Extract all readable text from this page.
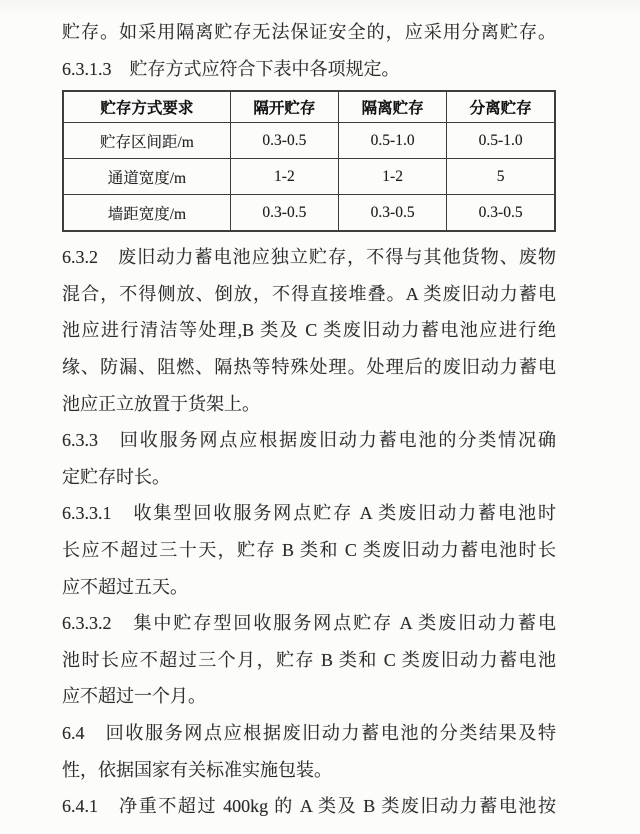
贮存。如采用隔离贮存无法保证安全的，应采用分离贮存。

6.3.1.3　贮存方式应符合下表中各项规定。

贮存方式要求	隔开贮存	隔离贮存	分离贮存
贮存区间距/m	0.3-0.5	0.5-1.0	0.5-1.0
通道宽度/m	1-2	1-2	5
墙距宽度/m	0.3-0.5	0.3-0.5	0.3-0.5

6.3.2　废旧动力蓄电池应独立贮存，不得与其他货物、废物

混合，不得侧放、倒放，不得直接堆叠。A 类废旧动力蓄电

池应进行清洁等处理,B 类及 C 类废旧动力蓄电池应进行绝

缘、防漏、阻燃、隔热等特殊处理。处理后的废旧动力蓄电

池应正立放置于货架上。

6.3.3　回收服务网点应根据废旧动力蓄电池的分类情况确

定贮存时长。

6.3.3.1　收集型回收服务网点贮存 A 类废旧动力蓄电池时

长应不超过三十天，贮存 B 类和 C 类废旧动力蓄电池时长

应不超过五天。

6.3.3.2　集中贮存型回收服务网点贮存 A 类废旧动力蓄电

池时长应不超过三个月，贮存 B 类和 C 类废旧动力蓄电池

应不超过一个月。

6.4　回收服务网点应根据废旧动力蓄电池的分类结果及特

性，依据国家有关标准实施包装。

6.4.1　净重不超过 400kg 的 A 类及 B 类废旧动力蓄电池按
